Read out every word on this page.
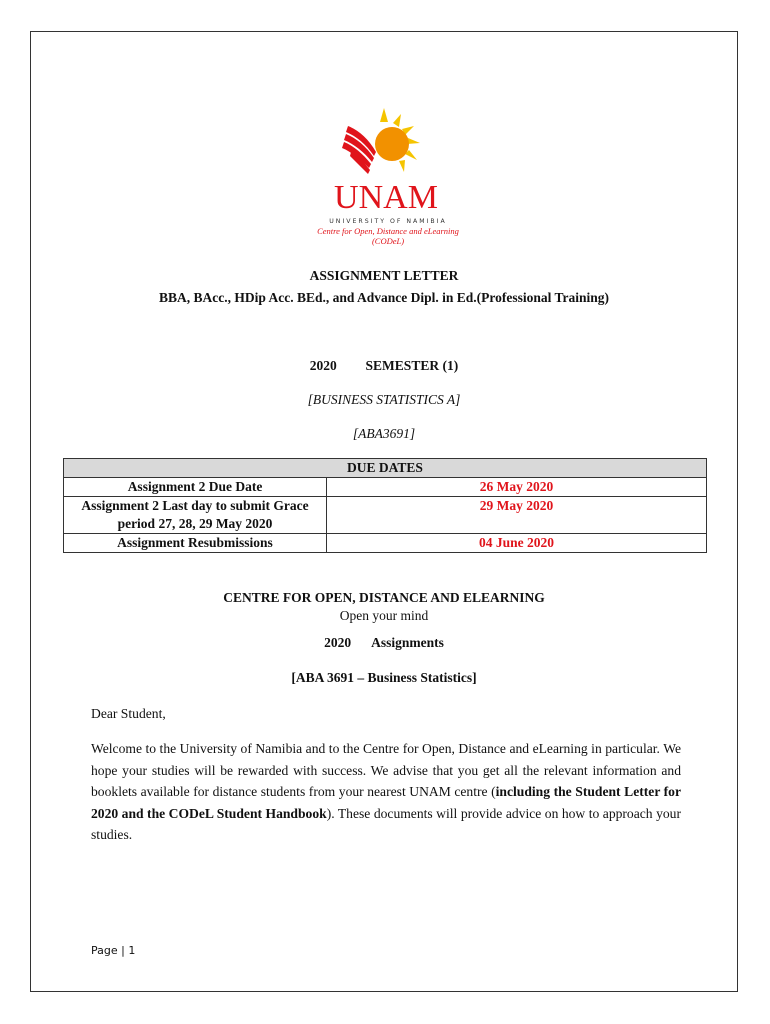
UNAM
UNIVERSITY OF NAMIBIA
Centre for Open, Distance and eLearning
(CODeL)
ASSIGNMENT LETTER
BBA, BAcc., HDip Acc. BEd., and Advance Dipl. in Ed.(Professional Training)
2020 SEMESTER (1)
[BUSINESS STATISTICS A]
[ABA3691]
DUE DATES	
Assignment 2 Due Date	26 May 2020
Assignment 2 Last day to submit Grace period 27, 28, 29 May 2020	29 May 2020
Assignment Resubmissions	04 June 2020
CENTRE FOR OPEN, DISTANCE AND ELEARNING
Open your mind
2020 Assignments
[ABA 3691 – Business Statistics]
Dear Student,
Welcome to the University of Namibia and to the Centre for Open, Distance and eLearning in particular. We hope your studies will be rewarded with success. We advise that you get all the relevant information and booklets available for distance students from your nearest UNAM centre (including the Student Letter for 2020 and the CODeL Student Handbook). These documents will provide advice on how to approach your studies.
Page | 1
